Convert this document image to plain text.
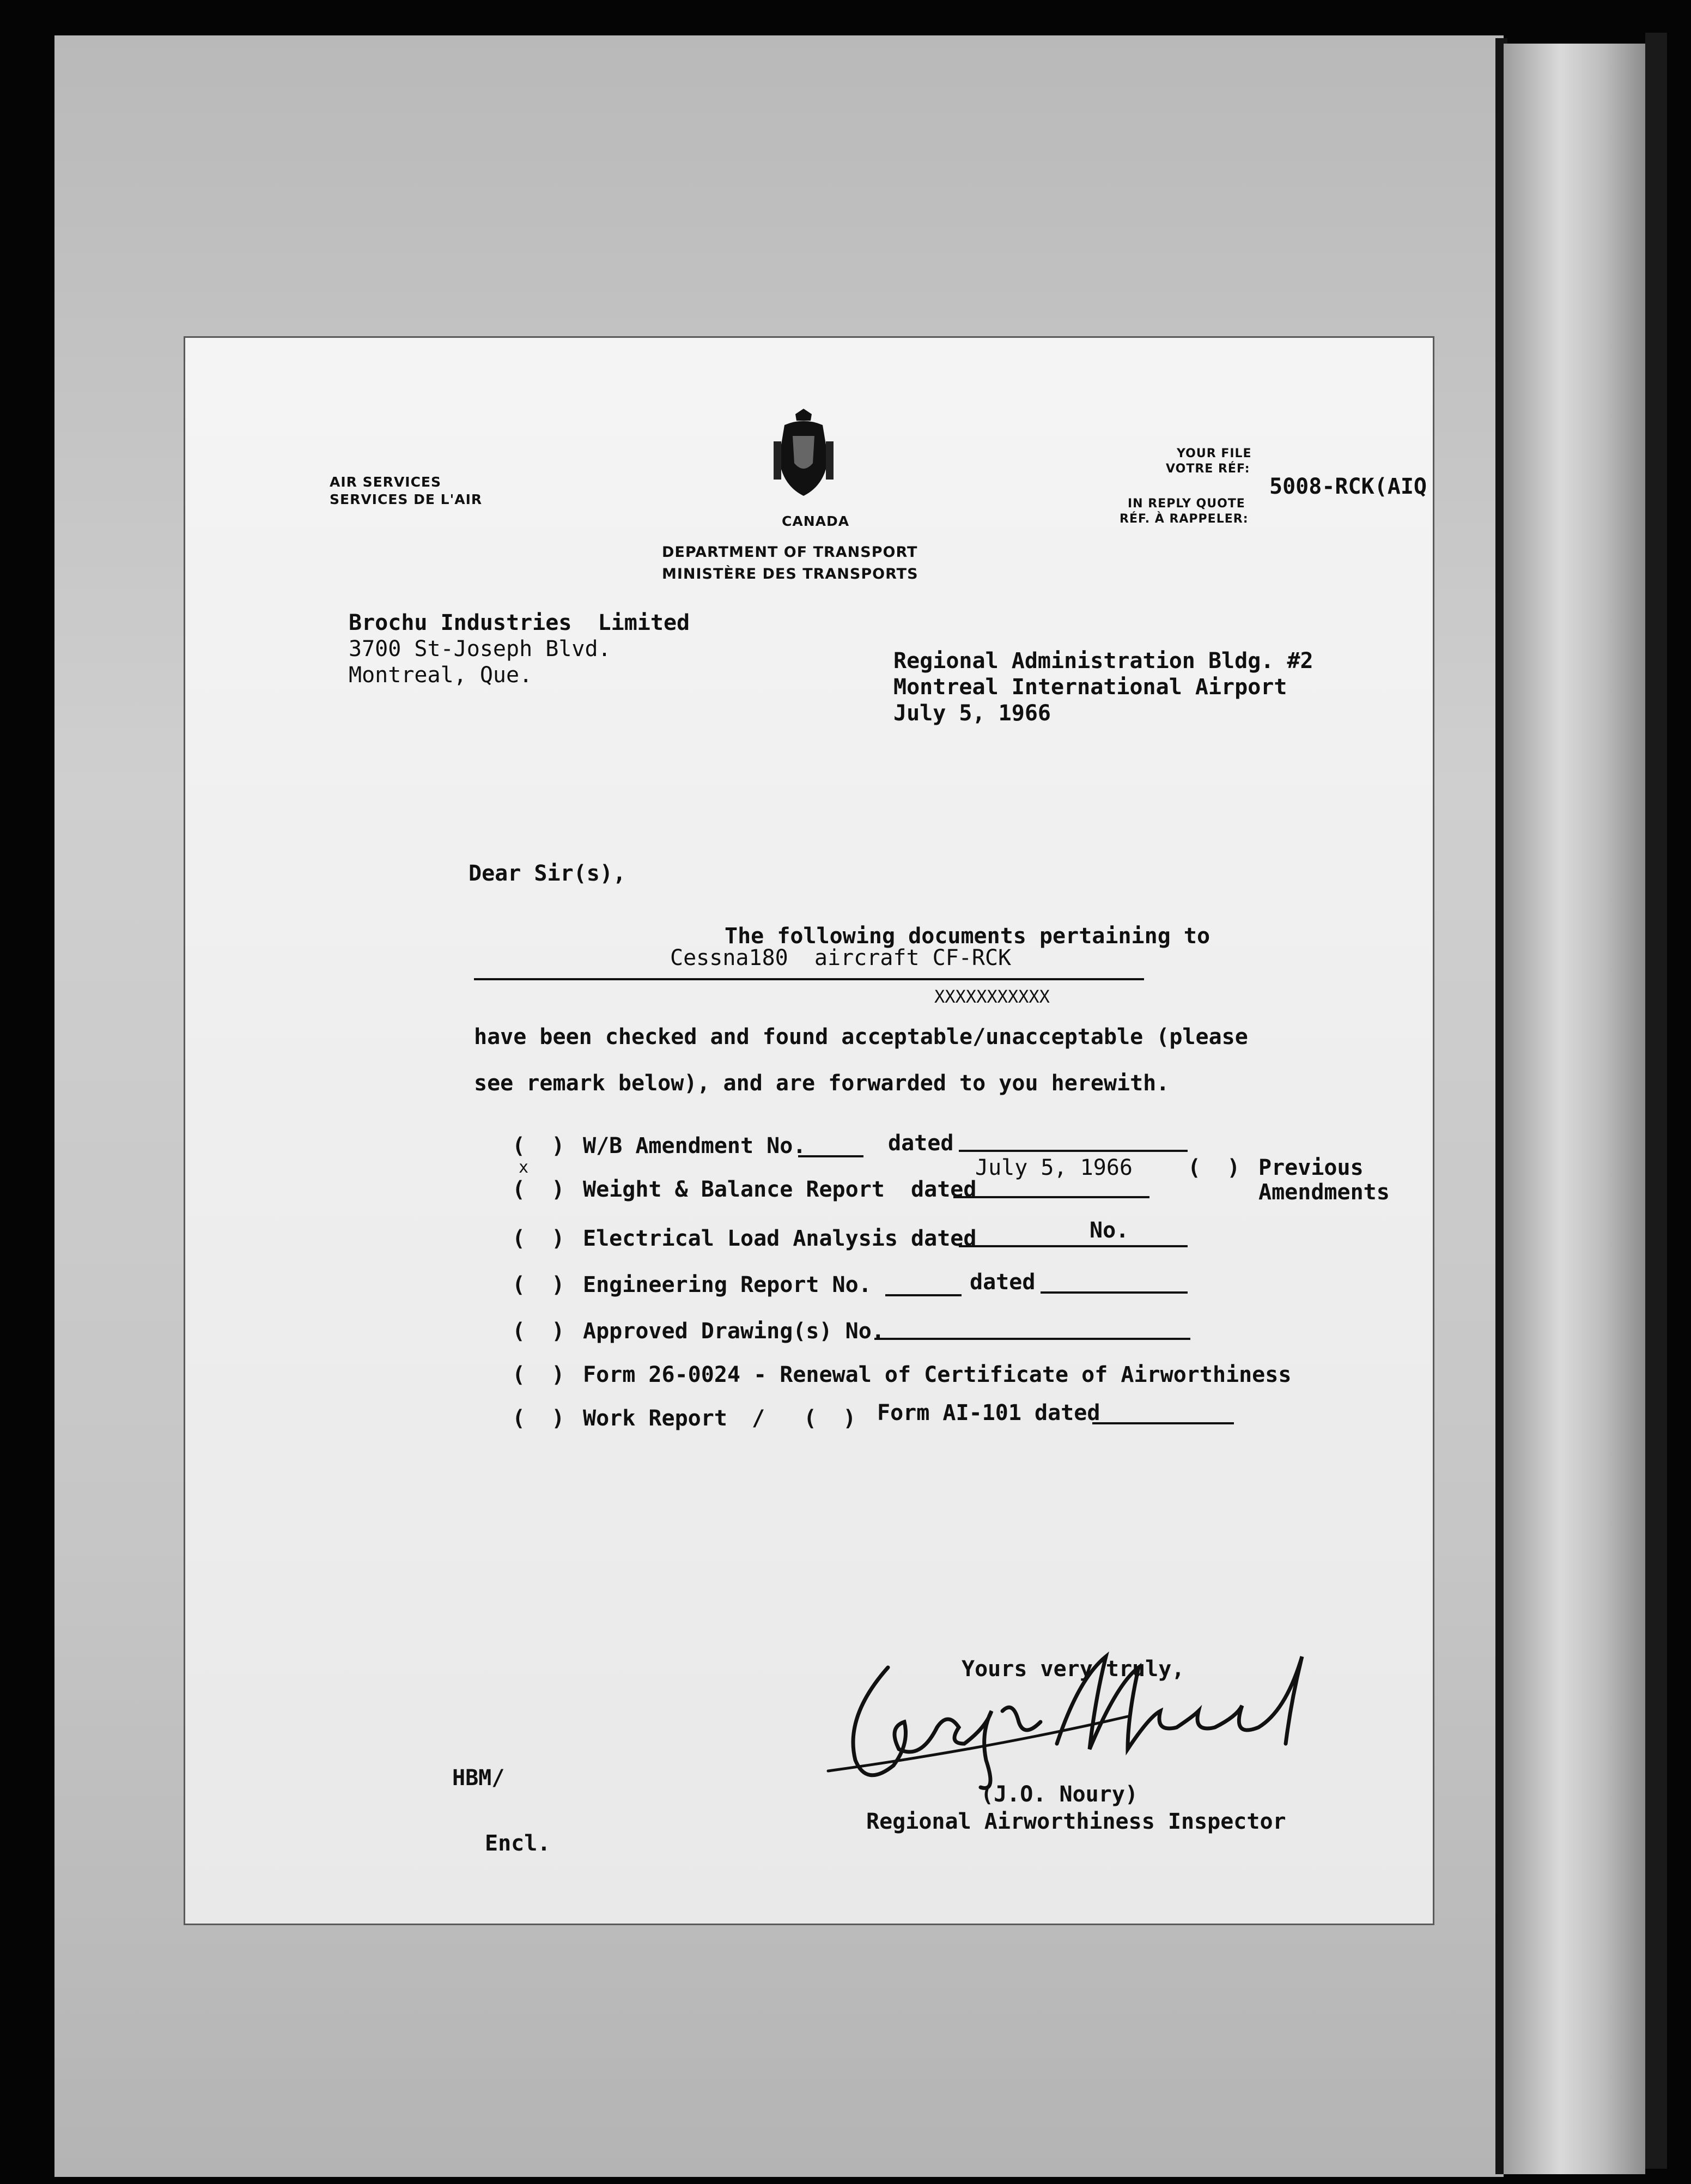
AIR SERVICES
SERVICES DE L'AIR
CANADA
DEPARTMENT OF TRANSPORT
MINISTÈRE DES TRANSPORTS
YOUR FILE
VOTRE RÉF:
IN REPLY QUOTE
RÉF. À RAPPELER:
5008-RCK(AIQ
Brochu Industries  Limited
3700 St-Joseph Blvd.
Montreal, Que.
Regional Administration Bldg. #2
Montreal International Airport
July 5, 1966
Dear Sir(s),
The following documents pertaining to
Cessna180  aircraft CF-RCK
XXXXXXXXXXX
have been checked and found acceptable/unacceptable (please
see remark below), and are forwarded to you herewith.
(  ) W/B Amendment No.	dated
x
(  ) Weight & Balance Report  dated
July 5, 1966	(  ) Previous
Amendments
(  ) Electrical Load Analysis dated	No.
(  ) Engineering Report No.	dated
(  ) Approved Drawing(s) No.
(  ) Form 26-0024 - Renewal of Certificate of Airworthiness
(  ) Work Report / (  ) Form AI-101 dated
Yours very truly,
(J.O. Noury)
Regional Airworthiness Inspector
HBM/
Encl.
